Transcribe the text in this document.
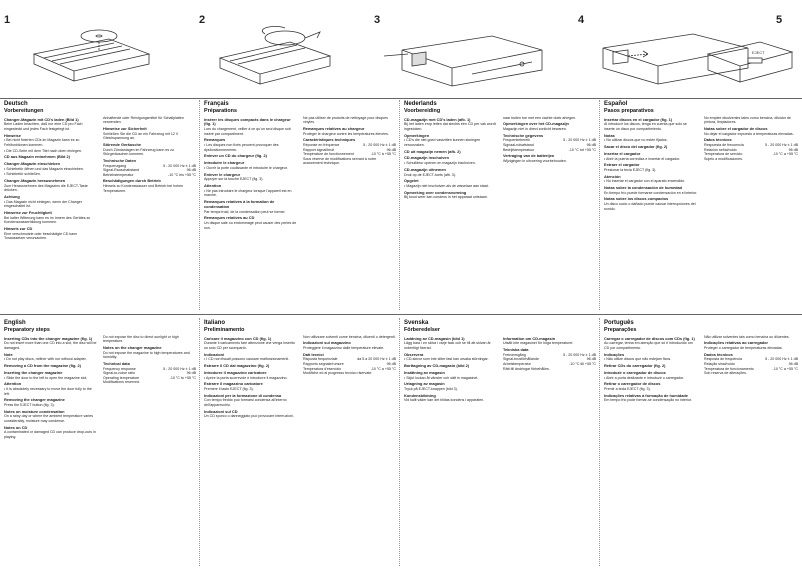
1	2	3	4	5
EJECT
Deutsch
Vorbereitungen
Changer-Magazin mit CD's laden (Bild 1)

Beim Laden beachten, daß nur eine CD pro Fach eingesteckt und jedes Fach festgelegt ist.

Hinweise

• Bei nicht fixierten CDs im Magazin kann es zu Fehlfunktionen kommen.

• Die CD-Seite mit dem Titel nach oben einlegen.

CD aus Magazin entnehmen (Bild 2)
Changer-Magazin einschieben

• Schiebetür öffnen und das Magazin einschieben.

• Schiebetür schließen.

Changer-Magazin herausnehmen

Zum Herausnehmen des Magazins die EJECT-Taste drücken.

Achtung

• Das Magazin nicht einlegen, wenn der Changer eingeschaltet ist.

Hinweise zur Feuchtigkeit

Bei kalter Witterung kann es im Innern des Gerätes zu Kondenswasserbildung kommen.

Hinweis zur CD

Eine verschmutzte oder beschädigte CD kann Tonaussetzer verursachen.

Anhaftende oder Reinigungsmittel für Schallplatten verwenden.

Hinweise zur Sicherheit

Schließen Sie die CD an ein Fahrzeug mit 12 V Gleichspannung an.

Störende Geräusche

Durch Zündanlagen im Fahrzeug kann es zu Störgeräuschen kommen.

Technische Daten
Frequenzgang	5 - 20 000 Hz ± 1 dB
Signal-Rauschabstand	96 dB
Betriebstemperatur	-10 °C bis +55 °C
Beschädigungen durch Betrieb

Hinweis zu Kondenswasser und Betrieb bei hohen Temperaturen.

Français
Préparations
Insérer les disques compacts dans le chargeur (fig. 1)

Lors du chargement, veiller à ce qu'un seul disque soit inséré par compartiment.

Remarques

• Les disques non fixés peuvent provoquer des dysfonctionnements.

Enlever un CD du chargeur (fig. 2)
Introduire le chargeur

• Ouvrir la porte coulissante et introduire le chargeur.

Enlever le chargeur

Appuyer sur la touche EJECT (fig. 3).

Attention

• Ne pas introduire le chargeur lorsque l'appareil est en marche.

Remarques relatives à la formation de condensation

Par temps froid, de la condensation peut se former.

Remarques relatives au CD

Un disque sale ou endommagé peut causer des pertes de son.

Ne pas utiliser de produits de nettoyage pour disques vinyles.

Remarques relatives au chargeur

Protéger le chargeur contre les températures élevées.

Caractéristiques techniques
Réponse en fréquence	5 - 20 000 Hz ± 1 dB
Rapport signal/bruit	96 dB
Température de fonctionnement	-10 °C à +55 °C

Sous réserve de modifications servant à notre avancement technique.

Nederlands
Voorbereiding
CD-magazijn met CD's laden (afb. 1)

Bij het laden erop letten dat slechts één CD per vak wordt ingestoken.

Opmerkingen

• CD's die niet goed vastzitten kunnen storingen veroorzaken.

CD uit magazijn nemen (afb. 2)
CD-magazijn inschuiven

• Schuifdeur openen en magazijn inschuiven.

CD-magazijn uitnemen

Druk op de EJECT-toets (afb. 3).

Opgelet

• Magazijn niet inschuiven als de wisselaar aan staat.

Opmerking over condensvorming

Bij koud weer kan condens in het apparaat ontstaan.

naar buiten toe met een zachte doek afvegen.

Opmerkingen over het CD-magazijn

Magazijn niet in direct zonlicht bewaren.

Technische gegevens
Frequentiebereik	5 - 20 000 Hz ± 1 dB
Signaal-ruisafstand	96 dB
Bedrijfstemperatuur	-10 °C tot +55 °C
Vertraging van de batterijen

Wijzigingen in uitvoering voorbehouden.

Español
Pasos preparativos
Insertar discos en el cargador (fig. 1)

Al introducir los discos, tenga en cuenta que solo se inserte un disco por compartimiento.

Notas

• No utilizar discos que no estén fijados.

Sacar el disco del cargador (fig. 2)
Insertar el cargador

• Abrir la puerta corrediza e insertar el cargador.

Extraer el cargador

Presionar la tecla EJECT (fig. 3).

Atención

• No insertar el cargador con el aparato encendido.

Notas sobre la condensación de humedad

En tiempo frío puede formarse condensación en el interior.

Notas sobre los discos compactos

Un disco sucio o dañado puede causar interrupciones del sonido.

No emplee disolventes tales como bencina, diluidor de pintura, limpiadores.

Notas sobre el cargador de discos

No dejar el cargador expuesto a temperaturas elevadas.

Datos técnicos
Respuesta de frecuencia	5 - 20 000 Hz ± 1 dB
Relación señal/ruido	96 dB
Temperatura de servicio	-10 °C a +55 °C

Sujeto a modificaciones.

English
Preparatory steps
Inserting CDs into the changer magazine (fig. 1)

Do not insert more than one CD into a slot, the disc will be damaged.

Note

• Do not play discs, neither with nor without adapter.

Removing a CD from the magazine (fig. 2)
Inserting the changer magazine

• Slide the door to the left to open the magazine slot.

Attention

• It is absolutely necessary to move the door fully to the left.

Removing the changer magazine

Press the EJECT button (fig. 3).

Notes on moisture condensation

On a rainy day or where the ambient temperature varies considerably, moisture may condense.

Notes on CD

A contaminated or damaged CD can produce drop-outs in playing.

Do not expose the disc to direct sunlight or high temperature.

Notes on the changer magazine

Do not expose the magazine to high temperatures and humidity.

Technical data
Frequency response	5 - 20 000 Hz ± 1 dB
Signal-to-noise ratio	96 dB
Operating temperature	-10 °C to +55 °C

Modifications reserved.

Italiano
Preliminamento
Caricare il magazzino con CD (fig. 1)

Durante il caricamento fare attenzione che venga inserito un solo CD per scomparto.

Indicazioni

• I CD non fissati possono causare malfunzionamenti.

Estrarre il CD dal magazzino (fig. 2)
Introdurre il magazzino caricatore

• Aprire la porta scorrevole e introdurre il magazzino.

Estrarre il magazzino caricatore

Premere il tasto EJECT (fig. 3).

Indicazioni per la formazione di condensa

Con tempo freddo può formarsi condensa all'interno dell'apparecchio.

Indicazioni sul CD

Un CD sporco o danneggiato può provocare interruzioni.

Non utilizzare solventi come benzina, diluenti o detergenti.

Indicazioni sul magazzino

Proteggere il magazzino dalle temperature elevate.

Dati tecnici
Risposta frequenziale	da 5 a 20 000 Hz ± 1 dB
Rapporto segnale/rumore	96 dB
Temperatura d'esercizio	-10 °C a +55 °C

Modifiche ed al progresso tecnico riservate.

Svenska
Förberedelser
Laddning av CD-magasin (bild 1)

Lägg bara i en skiva i varje fack och se till att skivan är ordentligt fixerad.

Observera

• CD-skivor som inte sitter fast kan orsaka störningar.

Borttagning av CD-magasin (bild 2)
Insättning av magasin

• Skjut luckan åt vänster och sätt in magasinet.

Urtagning av magasin

Tryck på EJECT-knappen (bild 3).

Kondensbildning

Vid kallt väder kan det bildas kondens i apparaten.

Information om CD-magasin

Utsätt inte magasinet för höga temperaturer.

Tekniska data
Frekvensgång	5 - 20 000 Hz ± 1 dB
Signal-brusförhållande	96 dB
Arbetstemperatur	-10 °C till +55 °C

Rätt till ändringar förbehålles.

Português
Preparações
Carregar o carregador de discos com CDs (fig. 1)

Ao carregar, tenha em atenção que só é introduzido um CD por compartimento.

Indicações

• Não utilize discos que não estejam fixos.

Retirar CDs do carregador (fig. 2)
Introduzir o carregador de discos

• Abrir a porta deslizante e introduzir o carregador.

Retirar o carregador de discos

Premir a tecla EJECT (fig. 3).

Indicações relativas à formação de humidade

Em tempo frio pode formar-se condensação no interior.

Não utilizar solventes tais como benzina ou diluentes.

Indicações relativas ao carregador

Proteger o carregador de temperaturas elevadas.

Dados técnicos
Resposta de frequência	5 - 20 000 Hz ± 1 dB
Relação sinal/ruído	96 dB
Temperatura de funcionamento	-10 °C a +55 °C

Sob reserva de alterações.
